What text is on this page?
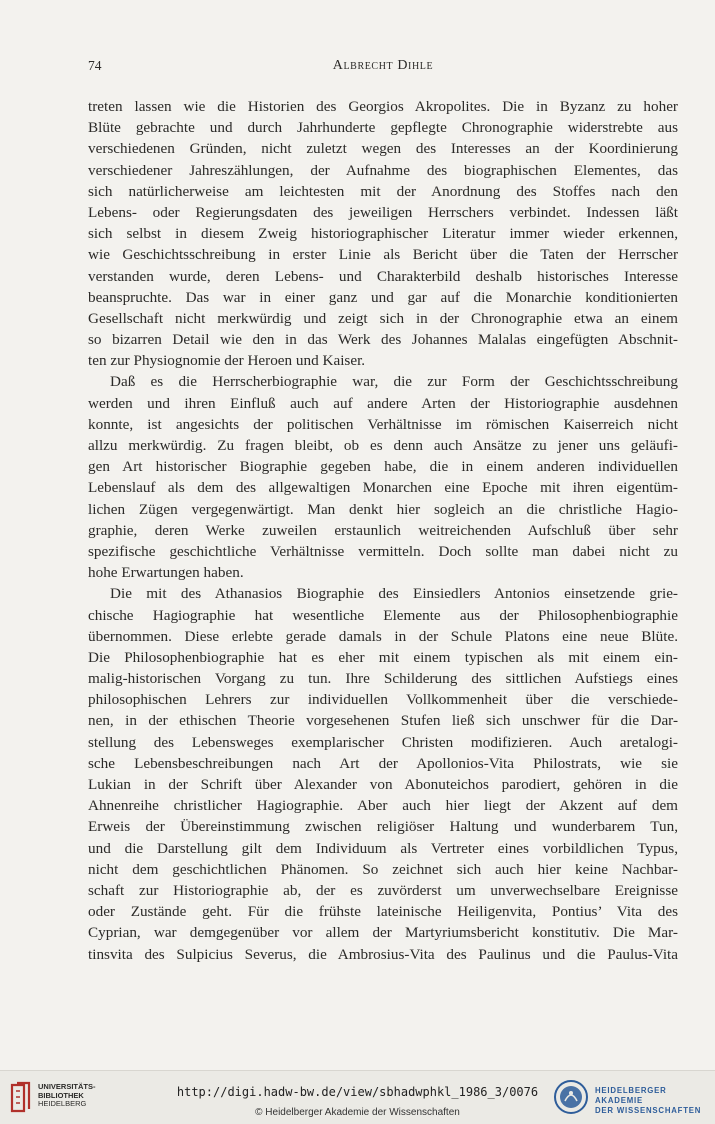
74	Albrecht Dihle
treten lassen wie die Historien des Georgios Akropolites. Die in Byzanz zu hoher
Blüte gebrachte und durch Jahrhunderte gepflegte Chronographie widerstrebte aus
verschiedenen Gründen, nicht zuletzt wegen des Interesses an der Koordinierung
verschiedener Jahreszählungen, der Aufnahme des biographischen Elementes, das
sich natürlicherweise am leichtesten mit der Anordnung des Stoffes nach den
Lebens- oder Regierungsdaten des jeweiligen Herrschers verbindet. Indessen läßt
sich selbst in diesem Zweig historiographischer Literatur immer wieder erkennen,
wie Geschichtsschreibung in erster Linie als Bericht über die Taten der Herrscher
verstanden wurde, deren Lebens- und Charakterbild deshalb historisches Interesse
beanspruchte. Das war in einer ganz und gar auf die Monarchie konditionierten
Gesellschaft nicht merkwürdig und zeigt sich in der Chronographie etwa an einem
so bizarren Detail wie den in das Werk des Johannes Malalas eingefügten Abschnit-
ten zur Physiognomie der Heroen und Kaiser.
Daß es die Herrscherbiographie war, die zur Form der Geschichtsschreibung
werden und ihren Einfluß auch auf andere Arten der Historiographie ausdehnen
konnte, ist angesichts der politischen Verhältnisse im römischen Kaiserreich nicht
allzu merkwürdig. Zu fragen bleibt, ob es denn auch Ansätze zu jener uns geläufi-
gen Art historischer Biographie gegeben habe, die in einem anderen individuellen
Lebenslauf als dem des allgewaltigen Monarchen eine Epoche mit ihren eigentüm-
lichen Zügen vergegenwärtigt. Man denkt hier sogleich an die christliche Hagio-
graphie, deren Werke zuweilen erstaunlich weitreichenden Aufschluß über sehr
spezifische geschichtliche Verhältnisse vermitteln. Doch sollte man dabei nicht zu
hohe Erwartungen haben.
Die mit des Athanasios Biographie des Einsiedlers Antonios einsetzende grie-
chische Hagiographie hat wesentliche Elemente aus der Philosophenbiographie
übernommen. Diese erlebte gerade damals in der Schule Platons eine neue Blüte.
Die Philosophenbiographie hat es eher mit einem typischen als mit einem ein-
malig-historischen Vorgang zu tun. Ihre Schilderung des sittlichen Aufstiegs eines
philosophischen Lehrers zur individuellen Vollkommenheit über die verschiede-
nen, in der ethischen Theorie vorgesehenen Stufen ließ sich unschwer für die Dar-
stellung des Lebensweges exemplarischer Christen modifizieren. Auch aretalogi-
sche Lebensbeschreibungen nach Art der Apollonios-Vita Philostrats, wie sie
Lukian in der Schrift über Alexander von Abonuteichos parodiert, gehören in die
Ahnenreihe christlicher Hagiographie. Aber auch hier liegt der Akzent auf dem
Erweis der Übereinstimmung zwischen religiöser Haltung und wunderbarem Tun,
und die Darstellung gilt dem Individuum als Vertreter eines vorbildlichen Typus,
nicht dem geschichtlichen Phänomen. So zeichnet sich auch hier keine Nachbar-
schaft zur Historiographie ab, der es zuvörderst um unverwechselbare Ereignisse
oder Zustände geht. Für die frühste lateinische Heiligenvita, Pontius’ Vita des
Cyprian, war demgegenüber vor allem der Martyriumsbericht konstitutiv. Die Mar-
tinsvita des Sulpicius Severus, die Ambrosius-Vita des Paulinus und die Paulus-Vita
UNIVERSITÄTS-
BIBLIOTHEK
HEIDELBERG
http://digi.hadw-bw.de/view/sbhadwphkl_1986_3/0076
© Heidelberger Akademie der Wissenschaften
HEIDELBERGER AKADEMIE
DER WISSENSCHAFTEN
